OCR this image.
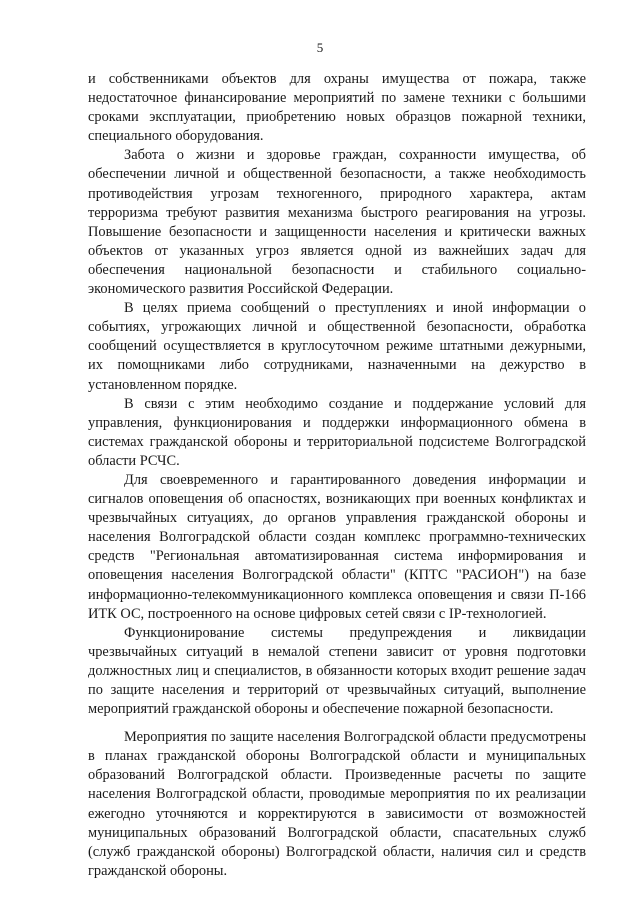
5

и собственниками объектов для охраны имущества от пожара, также недостаточное финансирование мероприятий по замене техники с большими сроками эксплуатации, приобретению новых образцов пожарной техники, специального оборудования.

Забота о жизни и здоровье граждан, сохранности имущества, об обеспечении личной и общественной безопасности, а также необходимость противодействия угрозам техногенного, природного характера, актам терроризма требуют развития механизма быстрого реагирования на угрозы. Повышение безопасности и защищенности населения и критически важных объектов от указанных угроз является одной из важнейших задач для обеспечения национальной безопасности и стабильного социально-экономического развития Российской Федерации.

В целях приема сообщений о преступлениях и иной информации о событиях, угрожающих личной и общественной безопасности, обработка сообщений осуществляется в круглосуточном режиме штатными дежурными, их помощниками либо сотрудниками, назначенными на дежурство в установленном порядке.

В связи с этим необходимо создание и поддержание условий для управления, функционирования и поддержки информационного обмена в системах гражданской обороны и территориальной подсистеме Волгоградской области РСЧС.

Для своевременного и гарантированного доведения информации и сигналов оповещения об опасностях, возникающих при военных конфликтах и чрезвычайных ситуациях, до органов управления гражданской обороны и населения Волгоградской области создан комплекс программно-технических средств "Региональная автоматизированная система информирования и оповещения населения Волгоградской области" (КПТС "РАСИОН") на базе информационно-телекоммуникационного комплекса оповещения и связи П-166 ИТК ОС, построенного на основе цифровых сетей связи с IP-технологией.

Функционирование системы предупреждения и ликвидации чрезвычайных ситуаций в немалой степени зависит от уровня подготовки должностных лиц и специалистов, в обязанности которых входит решение задач по защите населения и территорий от чрезвычайных ситуаций, выполнение мероприятий гражданской обороны и обеспечение пожарной безопасности.

Мероприятия по защите населения Волгоградской области предусмотрены в планах гражданской обороны Волгоградской области и муниципальных образований Волгоградской области. Произведенные расчеты по защите населения Волгоградской области, проводимые мероприятия по их реализации ежегодно уточняются и корректируются в зависимости от возможностей муниципальных образований Волгоградской области, спасательных служб (служб гражданской обороны) Волгоградской области, наличия сил и средств гражданской обороны.
